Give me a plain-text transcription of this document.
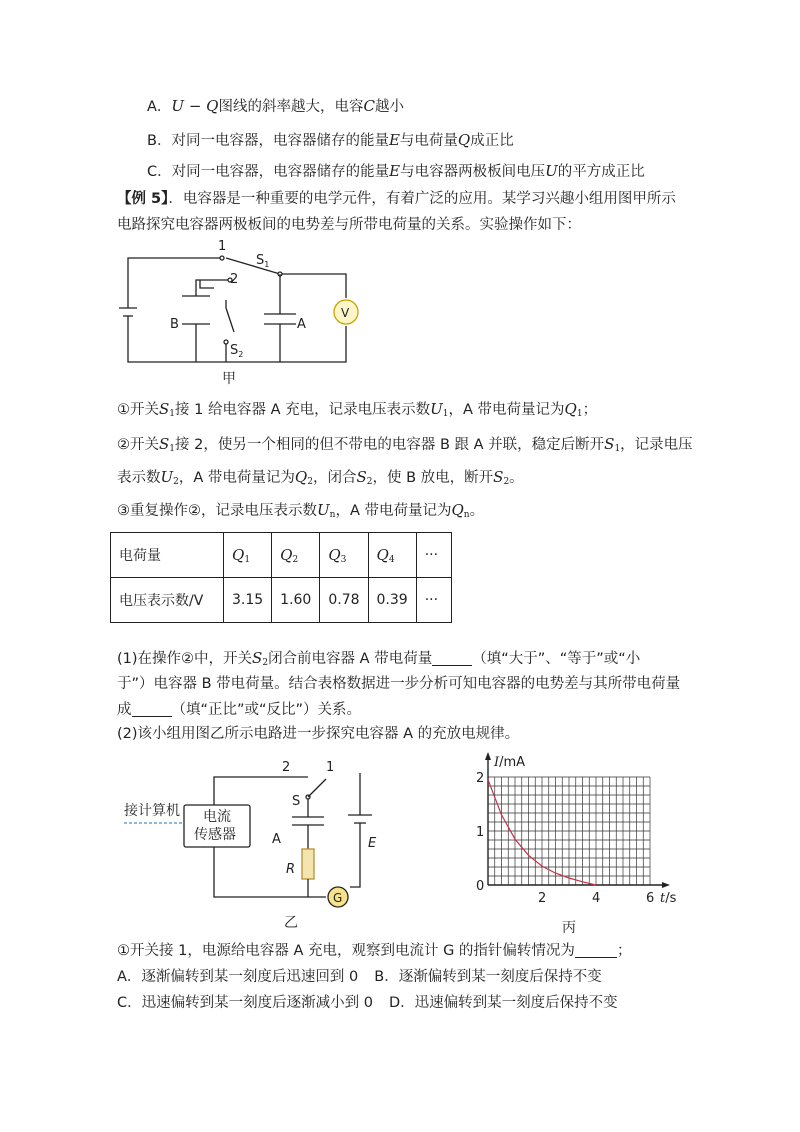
A．U − Q图线的斜率越大，电容C越小
B．对同一电容器，电容器储存的能量E与电荷量Q成正比
C．对同一电容器，电容器储存的能量E与电容器两极板间电压U的平方成正比
【例 5】．电容器是一种重要的电学元件，有着广泛的应用。某学习兴趣小组用图甲所示
电路探究电容器两极板间的电势差与所带电荷量的关系。实验操作如下：
1
2
$S_1$
$S_2$
B	A
V
甲
①开关$S_1$接 1 给电容器 A 充电，记录电压表示数$U_1$，A 带电荷量记为$Q_1$；
②开关$S_1$接 2，使另一个相同的但不带电的电容器 B 跟 A 并联，稳定后断开$S_1$，记录电压
表示数$U_2$，A 带电荷量记为$Q_2$，闭合$S_2$，使 B 放电，断开$S_2$。
③重复操作②，记录电压表示数$U_n$，A 带电荷量记为$Q_n$。
电荷量	$Q_1$	$Q_2$	$Q_3$	$Q_4$	···
电压表示数/V	3.15	1.60	0.78	0.39	···
(1)在操作②中，开关$S_2$闭合前电容器 A 带电荷量	（填“大于”、“等于”或“小
于”）电容器 B 带电荷量。结合表格数据进一步分析可知电容器的电势差与其所带电荷量
成	（填“正比”或“反比”）关系。
(2)该小组用图乙所示电路进一步探究电容器 A 的充放电规律。
接计算机 电流
传感器
2	1
S
A
R
E
G
乙
1
2
2	4	6
I/mA
t/s
0
丙
①开关接 1，电源给电容器 A 充电，观察到电流计 G 的指针偏转情况为	；
A．逐渐偏转到某一刻度后迅速回到 0 B．逐渐偏转到某一刻度后保持不变
C．迅速偏转到某一刻度后逐渐减小到 0 D．迅速偏转到某一刻度后保持不变
